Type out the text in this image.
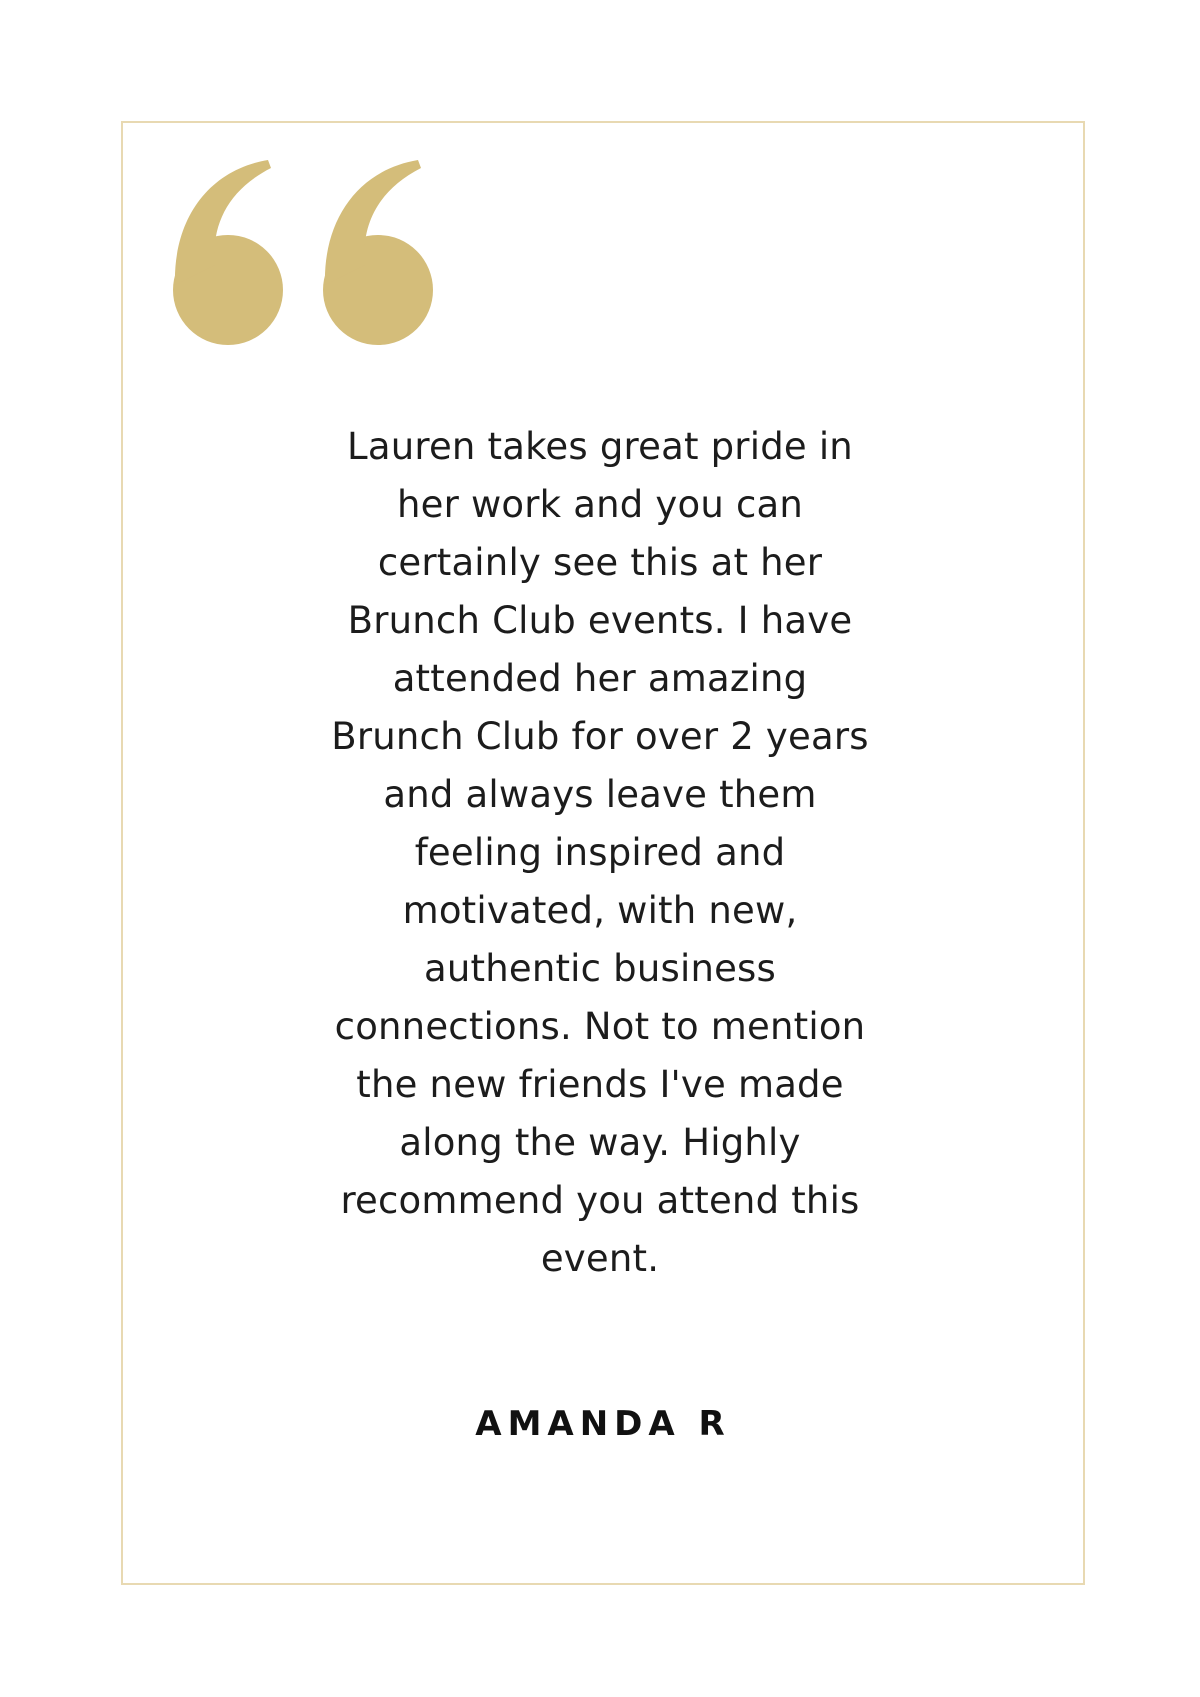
Lauren takes great pride in
her work and you can
certainly see this at her
Brunch Club events. I have
attended her amazing
Brunch Club for over 2 years
and always leave them
feeling inspired and
motivated, with new,
authentic business
connections. Not to mention
the new friends I've made
along the way. Highly
recommend you attend this
event.
AMANDA R
